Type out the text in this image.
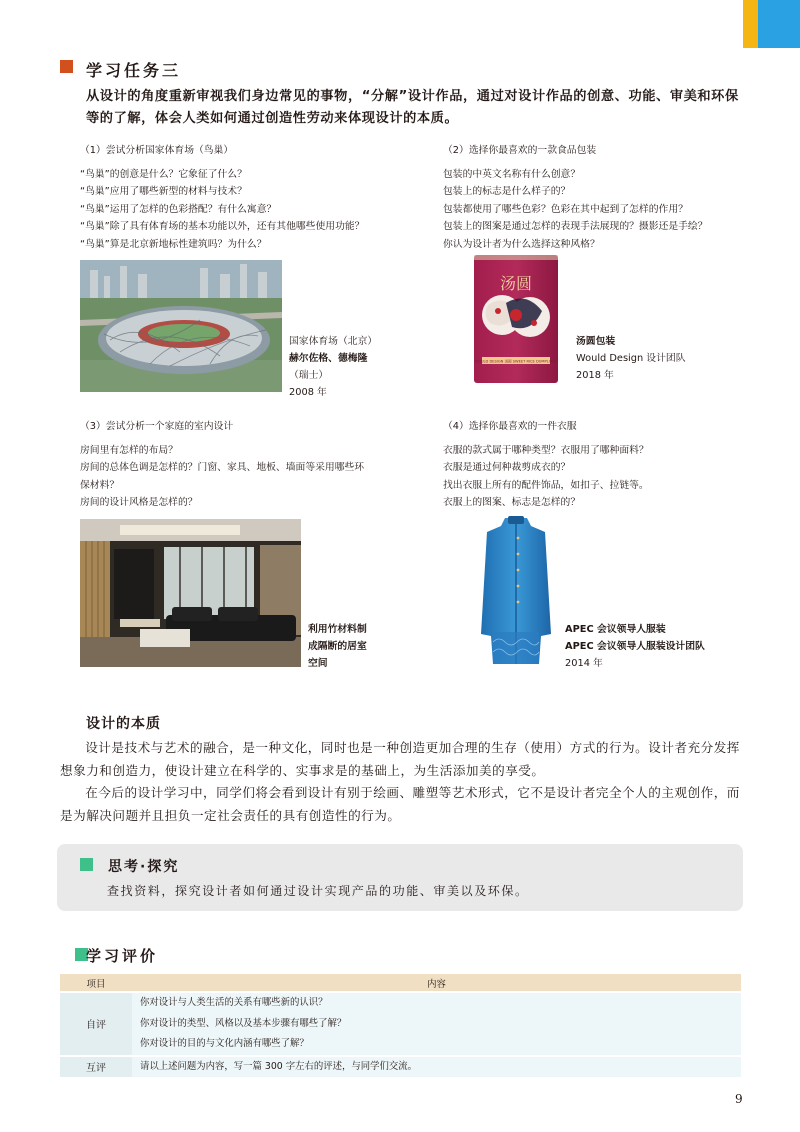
学习任务三
从设计的角度重新审视我们身边常见的事物，“分解”设计作品，通过对设计作品的创意、功能、审美和环保等的了解，体会人类如何通过创造性劳动来体现设计的本质。
（1）尝试分析国家体育场（鸟巢）
“鸟巢”的创意是什么？它象征了什么？
“鸟巢”应用了哪些新型的材料与技术？
“鸟巢”运用了怎样的色彩搭配？有什么寓意？
“鸟巢”除了具有体育场的基本功能以外，还有其他哪些使用功能？
“鸟巢”算是北京新地标性建筑吗？为什么？
国家体育场（北京）
赫尔佐格、德梅隆
（瑞士）
2008 年
（2）选择你最喜欢的一款食品包装
包装的中英文名称有什么创意？
包装上的标志是什么样子的？
包装都使用了哪些色彩？色彩在其中起到了怎样的作用？
包装上的图案是通过怎样的表现手法展现的？摄影还是手绘？
你认为设计者为什么选择这种风格？
汤圆
WOULD DESIGN 汤圆 SWEET RICE DUMPLINGS
汤圆包装
Would Design 设计团队
2018 年
（3）尝试分析一个家庭的室内设计
房间里有怎样的布局？
房间的总体色调是怎样的？门窗、家具、地板、墙面等采用哪些环
保材料？
房间的设计风格是怎样的？
利用竹材料制
成隔断的居室
空间
（4）选择你最喜欢的一件衣服
衣服的款式属于哪种类型？衣服用了哪种面料？
衣服是通过何种裁剪成衣的？
找出衣服上所有的配件饰品，如扣子、拉链等。
衣服上的图案、标志是怎样的？
APEC 会议领导人服装
APEC 会议领导人服装设计团队
2014 年
设计的本质
设计是技术与艺术的融合，是一种文化，同时也是一种创造更加合理的生存（使用）方式的行为。设计者充分发挥想象力和创造力，使设计建立在科学的、实事求是的基础上，为生活添加美的享受。
在今后的设计学习中，同学们将会看到设计有别于绘画、雕塑等艺术形式，它不是设计者完全个人的主观创作，而是为解决问题并且担负一定社会责任的具有创造性的行为。
思考·探究
查找资料，探究设计者如何通过设计实现产品的功能、审美以及环保。
学习评价
项目	内容
自评	你对设计与人类生活的关系有哪些新的认识？
	你对设计的类型、风格以及基本步骤有哪些了解？
	你对设计的目的与文化内涵有哪些了解？
互评	请以上述问题为内容，写一篇 300 字左右的评述，与同学们交流。
9
